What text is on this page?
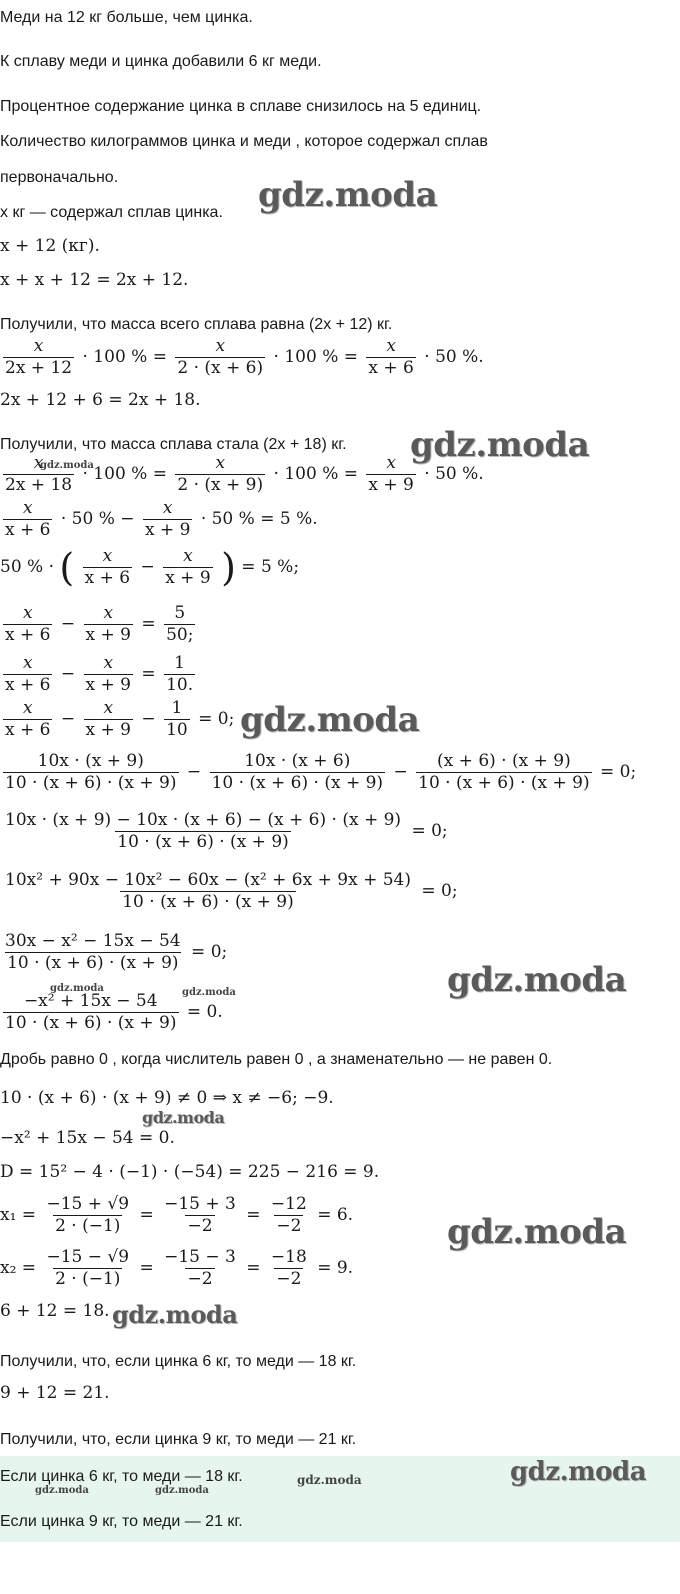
Меди на 12 кг больше, чем цинка.
К сплаву меди и цинка добавили 6 кг меди.
Процентное содержание цинка в сплаве снизилось на 5 единиц.
Количество килограммов цинка и меди , которое содержал сплав
первоначально.
x кг — содержал сплав цинка.
x + 12 (кг).
x + x + 12 = 2x + 12.
Получили, что масса всего сплава равна (2x + 12) кг.
$\frac{x}{2x + 12} \cdot 100$ % = $\frac{x}{2 \cdot (x + 6)} \cdot 100$ % = $\frac{x}{x + 6} \cdot 50$ %.
2x + 12 + 6 = 2x + 18.
Получили, что масса сплава стала (2x + 18) кг.
$\frac{x}{2x + 18} \cdot 100$ % = $\frac{x}{2 \cdot (x + 9)} \cdot 100$ % = $\frac{x}{x + 9} \cdot 50$ %.
$\frac{x}{x + 6} \cdot 50$ % − $\frac{x}{x + 9} \cdot 50$ % = 5 %.
50 % · ( $\frac{x}{x + 6} - \frac{x}{x + 9}$ ) = 5 %;
$\frac{x}{x + 6} - \frac{x}{x + 9} = \frac{5}{50;}$
$\frac{x}{x + 6} - \frac{x}{x + 9} = \frac{1}{10.}$
$\frac{x}{x + 6} - \frac{x}{x + 9} - \frac{1}{10} = 0$;
$\frac{10x \cdot (x + 9)}{10 \cdot (x + 6) \cdot (x + 9)} - \frac{10x \cdot (x + 6)}{10 \cdot (x + 6) \cdot (x + 9)} - \frac{(x + 6) \cdot (x + 9)}{10 \cdot (x + 6) \cdot (x + 9)} = 0$;
$\frac{10x \cdot (x + 9) - 10x \cdot (x + 6) - (x + 6) \cdot (x + 9)}{10 \cdot (x + 6) \cdot (x + 9)} = 0$;
$\frac{\text{10x² + 90x − 10x² − 60x − (x² + 6x + 9x + 54)}}{10 \cdot (x + 6) \cdot (x + 9)} = 0$;
$\frac{\text{30x − x² − 15x − 54}}{10 \cdot (x + 6) \cdot (x + 9)} = 0$;
$\frac{\text{−x² + 15x − 54}}{10 \cdot (x + 6) \cdot (x + 9)} = 0$.
Дробь равно 0 , когда числитель равен 0 , а знаменательно — не равен 0.
10 · (x + 6) · (x + 9) ≠ 0 ⇒ x ≠ −6; −9.
−x² + 15x − 54 = 0.
D = 15² − 4 · (−1) · (−54) = 225 − 216 = 9.
$x_1 = \frac{-15 + √9}{2 \cdot (-1)} = \frac{-15 + 3}{-2} = \frac{-12}{-2} = 6$.
$x_2 = \frac{-15 - √9}{2 \cdot (-1)} = \frac{-15 - 3}{-2} = \frac{-18}{-2} = 9$.
6 + 12 = 18.
Получили, что, если цинка 6 кг, то меди — 18 кг.
9 + 12 = 21.
Получили, что, если цинка 9 кг, то меди — 21 кг.
Если цинка 6 кг, то меди — 18 кг.
Если цинка 9 кг, то меди — 21 кг.
gdz.moda
gdz.moda
gdz.moda
gdz.moda
gdz.moda
gdz.moda
gdz.moda
gdz.moda
gdz.moda
gdz.moda	gdz.moda
gdz.moda
gdz.moda	gdz.moda
